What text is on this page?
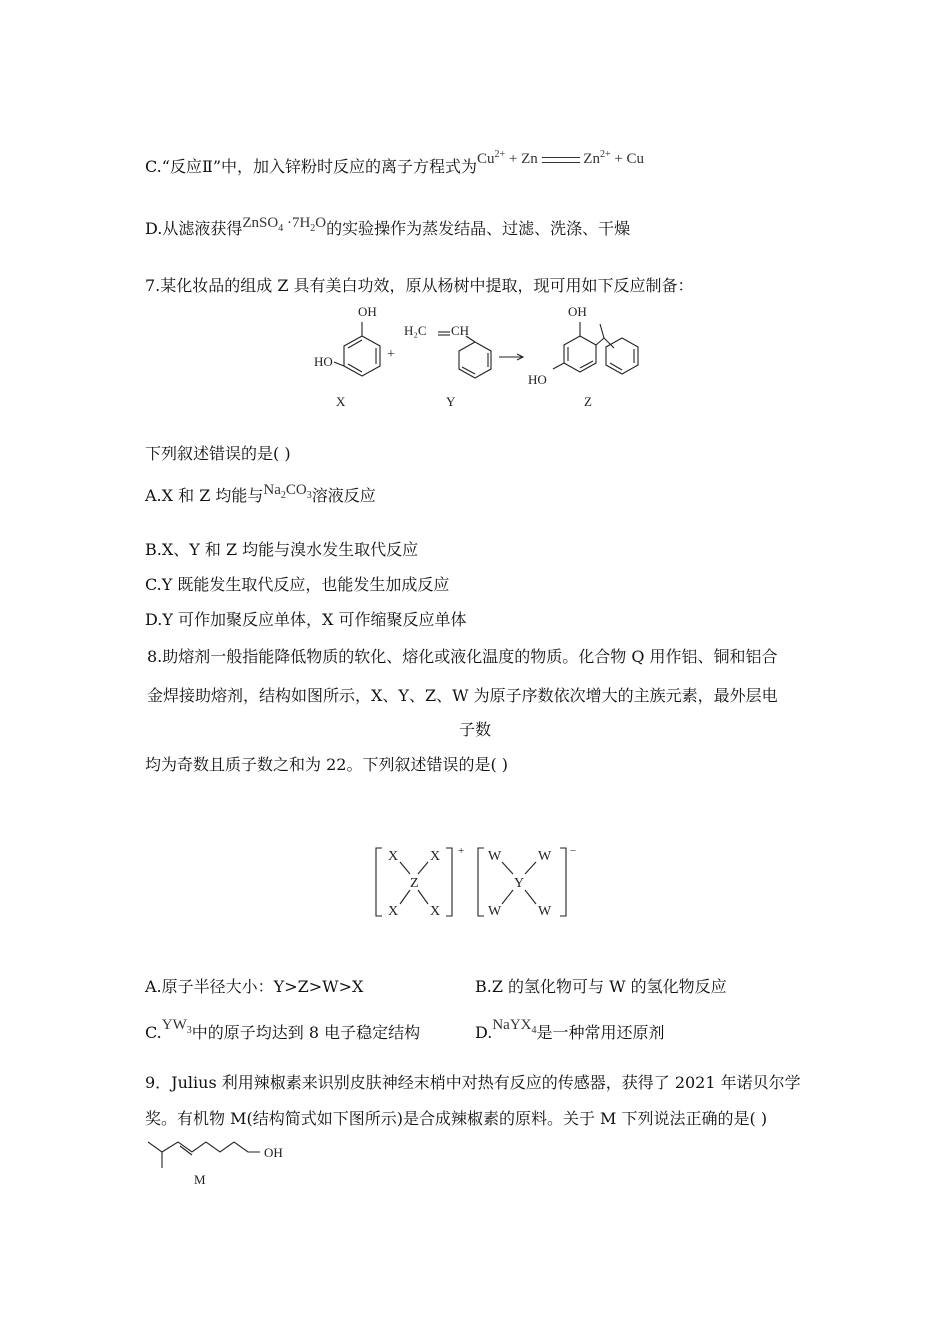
C.“反应Ⅱ”中，加入锌粉时反应的离子方程式为$Cu^{2+} + Zn$	$Zn^{2+} + Cu$
D.从滤液获得ZnSO$_4$ $\cdot 7H_2O$的实验操作为蒸发结晶、过滤、洗涤、干燥
7.某化妆品的组成 Z 具有美白功效，原从杨树中提取，现可用如下反应制备：
OH
HO
H₂C CH
+
OH
HO
X	Y	Z
下列叙述错误的是( )
A.X 和 Z 均能与$Na_2CO_3$溶液反应
B.X、Y 和 Z 均能与溴水发生取代反应
C.Y 既能发生取代反应，也能发生加成反应
D.Y 可作加聚反应单体，X 可作缩聚反应单体
8.助熔剂一般指能降低物质的软化、熔化或液化温度的物质。化合物 Q 用作铝、铜和铝合
金焊接助熔剂，结构如图所示，X、Y、Z、W 为原子序数依次增大的主族元素，最外层电
子数
均为奇数且质子数之和为 22。下列叙述错误的是( )
X X
Z
X X
+ W	W
Y
W	W
−
A.原子半径大小：Y>Z>W>X	B.Z 的氢化物可与 W 的氢化物反应
$C.YW_3$中的原子均达到 8 电子稳定结构	D.NaYX$_4$是一种常用还原剂
9．Julius 利用辣椒素来识别皮肤神经末梢中对热有反应的传感器，获得了 2021 年诺贝尔学
奖。有机物 M(结构简式如下图所示)是合成辣椒素的原料。关于 M 下列说法正确的是( )
OH
M
